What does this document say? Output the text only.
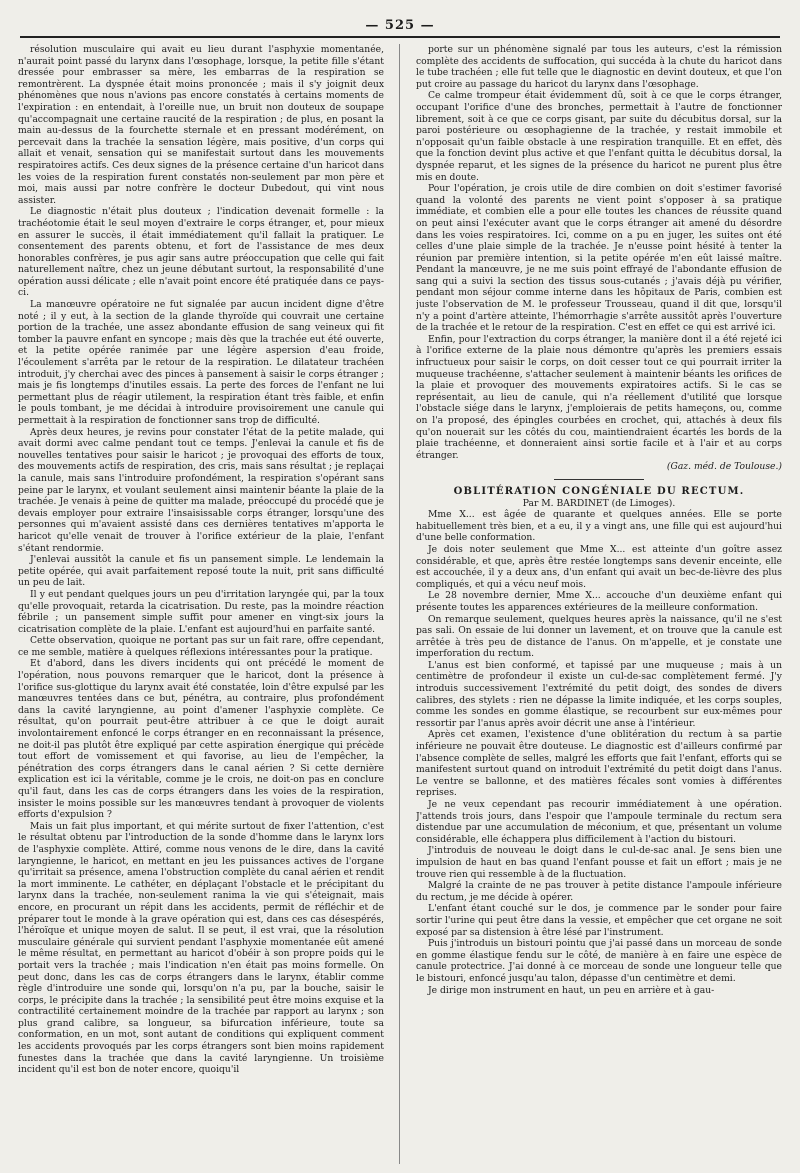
— 525 —

résolution musculaire qui avait eu lieu durant l'asphyxie momentanée, n'aurait point passé du larynx dans l'œsophage, lorsque, la petite fille s'étant dressée pour embrasser sa mère, les embarras de la respiration se remontrèrent. La dyspnée était moins prononcée ; mais il s'y joignit deux phénomènes que nous n'avions pas encore constatés à certains moments de l'expiration : en entendait, à l'oreille nue, un bruit non douteux de soupape qu'accompagnait une certaine raucité de la respiration ; de plus, en posant la main au-dessus de la fourchette sternale et en pressant modérément, on percevait dans la trachée la sensation légère, mais positive, d'un corps qui allait et venait, sensation qui se manifestait surtout dans les mouvements respiratoires actifs. Ces deux signes de la présence certaine d'un haricot dans les voies de la respiration furent constatés non-seulement par mon père et moi, mais aussi par notre confrère le docteur Dubedout, qui vint nous assister.

Le diagnostic n'était plus douteux ; l'indication devenait formelle : la trachéotomie était le seul moyen d'extraire le corps étranger, et, pour mieux en assurer le succès, il était immédiatement qu'il fallait la pratiquer. Le consentement des parents obtenu, et fort de l'assistance de mes deux honorables confrères, je pus agir sans autre préoccupation que celle qui fait naturellement naître, chez un jeune débutant surtout, la responsabilité d'une opération aussi délicate ; elle n'avait point encore été pratiquée dans ce pays-ci.

La manœuvre opératoire ne fut signalée par aucun incident digne d'être noté ; il y eut, à la section de la glande thyroïde qui couvrait une certaine portion de la trachée, une assez abondante effusion de sang veineux qui fit tomber la pauvre enfant en syncope ; mais dès que la trachée eut été ouverte, et la petite opérée ranimée par une légère aspersion d'eau froide, l'écoulement s'arrêta par le retour de la respiration. Le dilatateur trachéen introduit, j'y cherchai avec des pinces à pansement à saisir le corps étranger ; mais je fis longtemps d'inutiles essais. La perte des forces de l'enfant ne lui permettant plus de réagir utilement, la respiration étant très faible, et enfin le pouls tombant, je me décidai à introduire provisoirement une canule qui permettait à la respiration de fonctionner sans trop de difficulté.

Après deux heures, je revins pour constater l'état de la petite malade, qui avait dormi avec calme pendant tout ce temps. J'enlevai la canule et fis de nouvelles tentatives pour saisir le haricot ; je provoquai des efforts de toux, des mouvements actifs de respiration, des cris, mais sans résultat ; je replaçai la canule, mais sans l'introduire profondément, la respiration s'opérant sans peine par le larynx, et voulant seulement ainsi maintenir béante la plaie de la trachée. Je venais à peine de quitter ma malade, préoccupé du procédé que je devais employer pour extraire l'insaisissable corps étranger, lorsqu'une des personnes qui m'avaient assisté dans ces dernières tentatives m'apporta le haricot qu'elle venait de trouver à l'orifice extérieur de la plaie, l'enfant s'étant rendormie.

J'enlevai aussitôt la canule et fis un pansement simple. Le lendemain la petite opérée, qui avait parfaitement reposé toute la nuit, prit sans difficulté un peu de lait.

Il y eut pendant quelques jours un peu d'irritation laryngée qui, par la toux qu'elle provoquait, retarda la cicatrisation. Du reste, pas la moindre réaction fébrile ; un pansement simple suffit pour amener en vingt-six jours la cicatrisation complète de la plaie. L'enfant est aujourd'hui en parfaite santé.

Cette observation, quoique ne portant pas sur un fait rare, offre cependant, ce me semble, matière à quelques réflexions intéressantes pour la pratique.

Et d'abord, dans les divers incidents qui ont précédé le moment de l'opération, nous pouvons remarquer que le haricot, dont la présence à l'orifice sus-glottique du larynx avait été constatée, loin d'être expulsé par les manœuvres tentées dans ce but, pénétra, au contraire, plus profondément dans la cavité laryngienne, au point d'amener l'asphyxie complète. Ce résultat, qu'on pourrait peut-être attribuer à ce que le doigt aurait involontairement enfoncé le corps étranger en en reconnaissant la présence, ne doit-il pas plutôt être expliqué par cette aspiration énergique qui précède tout effort de vomissement et qui favorise, au lieu de l'empêcher, la pénétration des corps étrangers dans le canal aérien ? Si cette dernière explication est ici la véritable, comme je le crois, ne doit-on pas en conclure qu'il faut, dans les cas de corps étrangers dans les voies de la respiration, insister le moins possible sur les manœuvres tendant à provoquer de violents efforts d'expulsion ?

Mais un fait plus important, et qui mérite surtout de fixer l'attention, c'est le résultat obtenu par l'introduction de la sonde d'homme dans le larynx lors de l'asphyxie complète. Attiré, comme nous venons de le dire, dans la cavité laryngienne, le haricot, en mettant en jeu les puissances actives de l'organe qu'irritait sa présence, amena l'obstruction complète du canal aérien et rendit la mort imminente. Le cathéter, en déplaçant l'obstacle et le précipitant du larynx dans la trachée, non-seulement ranima la vie qui s'éteignait, mais encore, en procurant un répit dans les accidents, permit de réfléchir et de préparer tout le monde à la grave opération qui est, dans ces cas désespérés, l'héroïque et unique moyen de salut. Il se peut, il est vrai, que la résolution musculaire générale qui survient pendant l'asphyxie momentanée eût amené le même résultat, en permettant au haricot d'obéir à son propre poids qui le portait vers la trachée ; mais l'indication n'en était pas moins formelle. On peut donc, dans les cas de corps étrangers dans le larynx, établir comme règle d'introduire une sonde qui, lorsqu'on n'a pu, par la bouche, saisir le corps, le précipite dans la trachée ; la sensibilité peut être moins exquise et la contractilité certainement moindre de la trachée par rapport au larynx ; son plus grand calibre, sa longueur, sa bifurcation inférieure, toute sa conformation, en un mot, sont autant de conditions qui expliquent comment les accidents provoqués par les corps étrangers sont bien moins rapidement funestes dans la trachée que dans la cavité laryngienne. Un troisième incident qu'il est bon de noter encore, quoiqu'il

porte sur un phénomène signalé par tous les auteurs, c'est la rémission complète des accidents de suffocation, qui succéda à la chute du haricot dans le tube trachéen ; elle fut telle que le diagnostic en devint douteux, et que l'on put croire au passage du haricot du larynx dans l'œsophage.

Ce calme trompeur était évidemment dû, soit à ce que le corps étranger, occupant l'orifice d'une des bronches, permettait à l'autre de fonctionner librement, soit à ce que ce corps gisant, par suite du décubitus dorsal, sur la paroi postérieure ou œsophagienne de la trachée, y restait immobile et n'opposait qu'un faible obstacle à une respiration tranquille. Et en effet, dès que la fonction devint plus active et que l'enfant quitta le décubitus dorsal, la dyspnée reparut, et les signes de la présence du haricot ne purent plus être mis en doute.

Pour l'opération, je crois utile de dire combien on doit s'estimer favorisé quand la volonté des parents ne vient point s'opposer à sa pratique immédiate, et combien elle a pour elle toutes les chances de réussite quand on peut ainsi l'exécuter avant que le corps étranger ait amené du désordre dans les voies respiratoires. Ici, comme on a pu en juger, les suites ont été celles d'une plaie simple de la trachée. Je n'eusse point hésité à tenter la réunion par première intention, si la petite opérée m'en eût laissé maître. Pendant la manœuvre, je ne me suis point effrayé de l'abondante effusion de sang qui a suivi la section des tissus sous-cutanés ; j'avais déjà pu vérifier, pendant mon séjour comme interne dans les hôpitaux de Paris, combien est juste l'observation de M. le professeur Trousseau, quand il dit que, lorsqu'il n'y a point d'artère atteinte, l'hémorrhagie s'arrête aussitôt après l'ouverture de la trachée et le retour de la respiration. C'est en effet ce qui est arrivé ici.

Enfin, pour l'extraction du corps étranger, la manière dont il a été rejeté ici à l'orifice externe de la plaie nous démontre qu'après les premiers essais infructueux pour saisir le corps, on doit cesser tout ce qui pourrait irriter la muqueuse trachéenne, s'attacher seulement à maintenir béants les orifices de la plaie et provoquer des mouvements expiratoires actifs. Si le cas se représentait, au lieu de canule, qui n'a réellement d'utilité que lorsque l'obstacle siége dans le larynx, j'emploierais de petits hameçons, ou, comme on l'a proposé, des épingles courbées en crochet, qui, attachés à deux fils qu'on nouerait sur les côtés du cou, maintiendraient écartés les bords de la plaie trachéenne, et donneraient ainsi sortie facile et à l'air et au corps étranger.

(Gaz. méd. de Toulouse.)

OBLITÉRATION CONGÉNIALE DU RECTUM.

Par M. BARDINET (de Limoges).

Mme X... est âgée de quarante et quelques années. Elle se porte habituellement très bien, et a eu, il y a vingt ans, une fille qui est aujourd'hui d'une belle conformation.

Je dois noter seulement que Mme X... est atteinte d'un goître assez considérable, et que, après être restée longtemps sans devenir enceinte, elle est accouchée, il y a deux ans, d'un enfant qui avait un bec-de-lièvre des plus compliqués, et qui a vécu neuf mois.

Le 28 novembre dernier, Mme X... accouche d'un deuxième enfant qui présente toutes les apparences extérieures de la meilleure conformation.

On remarque seulement, quelques heures après la naissance, qu'il ne s'est pas sali. On essaie de lui donner un lavement, et on trouve que la canule est arrêtée à très peu de distance de l'anus. On m'appelle, et je constate une imperforation du rectum.

L'anus est bien conformé, et tapissé par une muqueuse ; mais à un centimètre de profondeur il existe un cul-de-sac complètement fermé. J'y introduis successivement l'extrémité du petit doigt, des sondes de divers calibres, des stylets : rien ne dépasse la limite indiquée, et les corps souples, comme les sondes en gomme élastique, se recourbent sur eux-mêmes pour ressortir par l'anus après avoir décrit une anse à l'intérieur.

Après cet examen, l'existence d'une oblitération du rectum à sa partie inférieure ne pouvait être douteuse. Le diagnostic est d'ailleurs confirmé par l'absence complète de selles, malgré les efforts que fait l'enfant, efforts qui se manifestent surtout quand on introduit l'extrémité du petit doigt dans l'anus. Le ventre se ballonne, et des matières fécales sont vomies à différentes reprises.

Je ne veux cependant pas recourir immédiatement à une opération. J'attends trois jours, dans l'espoir que l'ampoule terminale du rectum sera distendue par une accumulation de méconium, et que, présentant un volume considérable, elle échappera plus difficilement à l'action du bistouri.

J'introduis de nouveau le doigt dans le cul-de-sac anal. Je sens bien une impulsion de haut en bas quand l'enfant pousse et fait un effort ; mais je ne trouve rien qui ressemble à de la fluctuation.

Malgré la crainte de ne pas trouver à petite distance l'ampoule inférieure du rectum, je me décide à opérer.

L'enfant étant couché sur le dos, je commence par le sonder pour faire sortir l'urine qui peut être dans la vessie, et empêcher que cet organe ne soit exposé par sa distension à être lésé par l'instrument.

Puis j'introduis un bistouri pointu que j'ai passé dans un morceau de sonde en gomme élastique fendu sur le côté, de manière à en faire une espèce de canule protectrice. J'ai donné à ce morceau de sonde une longueur telle que le bistouri, enfoncé jusqu'au talon, dépasse d'un centimètre et demi.

Je dirige mon instrument en haut, un peu en arrière et à gau-
